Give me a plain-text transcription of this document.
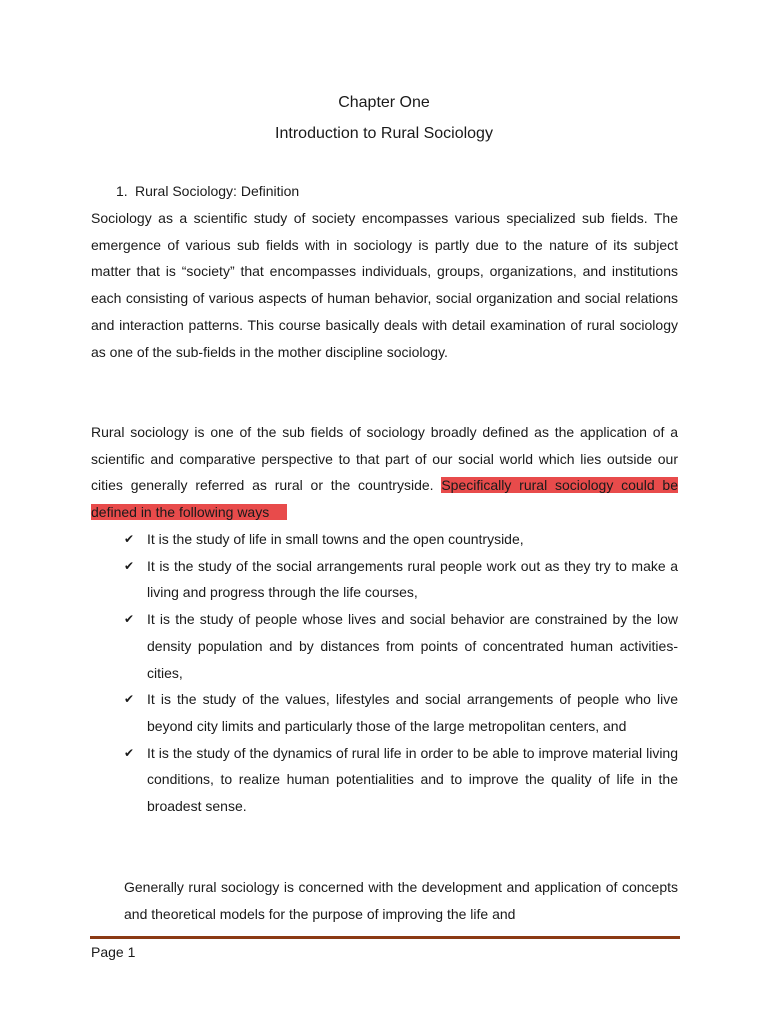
Chapter One
Introduction to Rural Sociology
1. Rural Sociology: Definition
Sociology as a scientific study of society encompasses various specialized sub fields. The emergence of various sub fields with in sociology is partly due to the nature of its subject matter that is “society” that encompasses individuals, groups, organizations, and institutions each consisting of various aspects of human behavior, social organization and social relations and interaction patterns. This course basically deals with detail examination of rural sociology as one of the sub-fields in the mother discipline sociology.
Rural sociology is one of the sub fields of sociology broadly defined as the application of a scientific and comparative perspective to that part of our social world which lies outside our cities generally referred as rural or the countryside. Specifically rural sociology could be defined in the following ways
✔ It is the study of life in small towns and the open countryside,
✔ It is the study of the social arrangements rural people work out as they try to make a living and progress through the life courses,
✔ It is the study of people whose lives and social behavior are constrained by the low density population and by distances from points of concentrated human activities- cities,
✔ It is the study of the values, lifestyles and social arrangements of people who live beyond city limits and particularly those of the large metropolitan centers, and
✔ It is the study of the dynamics of rural life in order to be able to improve material living conditions, to realize human potentialities and to improve the quality of life in the broadest sense.
Generally rural sociology is concerned with the development and application of concepts and theoretical models for the purpose of improving the life and
Page 1
